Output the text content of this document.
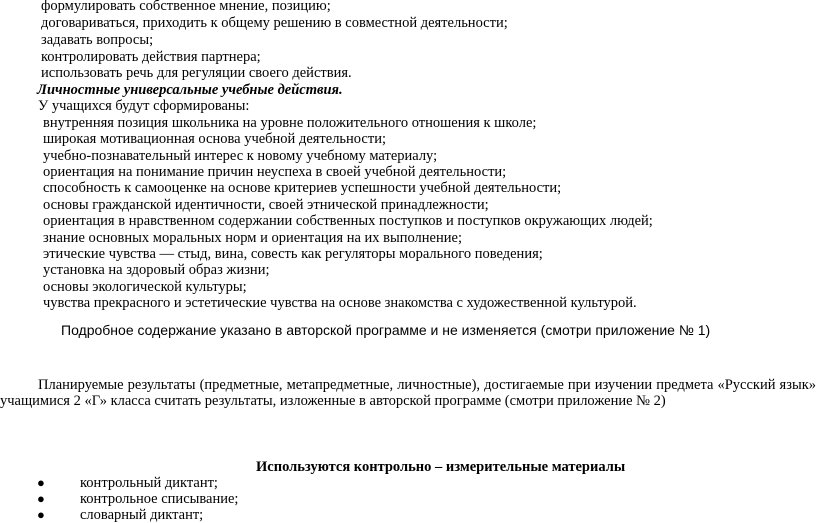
формулировать собственное мнение, позицию;
договариваться, приходить к общему решению в совместной деятельности;
задавать вопросы;
контролировать действия партнера;
использовать речь для регуляции своего действия.
Личностные универсальные учебные действия.
У учащихся будут сформированы:
внутренняя позиция школьника на уровне положительного отношения к школе;
широкая мотивационная основа учебной деятельности;
учебно-познавательный интерес к новому учебному материалу;
ориентация на понимание причин неуспеха в своей учебной деятельности;
способность к самооценке на основе критериев успешности учебной деятельности;
основы гражданской идентичности, своей этнической принадлежности;
ориентация в нравственном содержании собственных поступков и поступков окружающих людей;
знание основных моральных норм и ориентация на их выполнение;
этические чувства — стыд, вина, совесть как регуляторы морального поведения;
установка на здоровый образ жизни;
основы экологической культуры;
чувства прекрасного и эстетические чувства на основе знакомства с художественной культурой.
Подробное содержание указано в авторской программе и не изменяется (смотри приложение № 1)
Планируемые результаты (предметные, метапредметные, личностные), достигаемые при изучении предмета «Русский язык»
учащимися 2 «Г» класса считать результаты, изложенные в авторской программе (смотри приложение № 2)
Используются контрольно – измерительные материалы
● контрольный диктант;
● контрольное списывание;
● словарный диктант;
